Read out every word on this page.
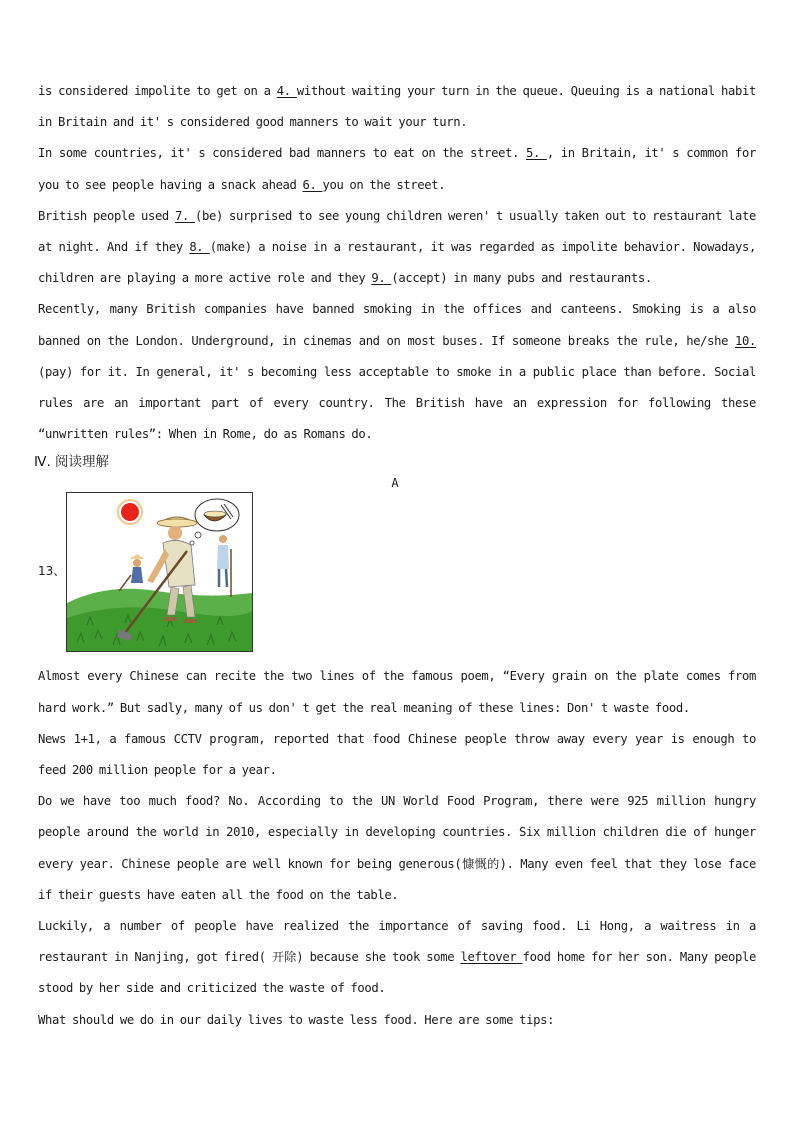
is considered impolite to get on a 4. without waiting your turn in the queue. Queuing is a national habit in Britain and it' s considered good manners to wait your turn.

In some countries, it' s considered bad manners to eat on the street. 5. , in Britain, it' s common for you to see people having a snack ahead 6. you on the street.

British people used 7. (be) surprised to see young children weren' t usually taken out to restaurant late at night. And if they 8. (make) a noise in a restaurant, it was regarded as impolite behavior. Nowadays, children are playing a more active role and they 9. (accept) in many pubs and restaurants.

Recently, many British companies have banned smoking in the offices and canteens. Smoking is a also banned on the London. Underground, in cinemas and on most buses. If someone breaks the rule, he/she 10. (pay) for it. In general, it' s becoming less acceptable to smoke in a public place than before. Social rules are an important part of every country. The British have an expression for following these “unwritten rules”: When in Rome, do as Romans do.

Ⅳ. 阅读理解
A
13、

Almost every Chinese can recite the two lines of the famous poem, “Every grain on the plate comes from hard work.” But sadly, many of us don' t get the real meaning of these lines: Don' t waste food.

News 1+1, a famous CCTV program, reported that food Chinese people throw away every year is enough to feed 200 million people for a year.

Do we have too much food? No. According to the UN World Food Program, there were 925 million hungry people around the world in 2010, especially in developing countries. Six million children die of hunger every year. Chinese people are well known for being generous(慷慨的). Many even feel that they lose face if their guests have eaten all the food on the table.

Luckily, a number of people have realized the importance of saving food. Li Hong, a waitress in a restaurant in Nanjing, got fired( 开除) because she took some leftover food home for her son. Many people stood by her side and criticized the waste of food.

What should we do in our daily lives to waste less food. Here are some tips:
